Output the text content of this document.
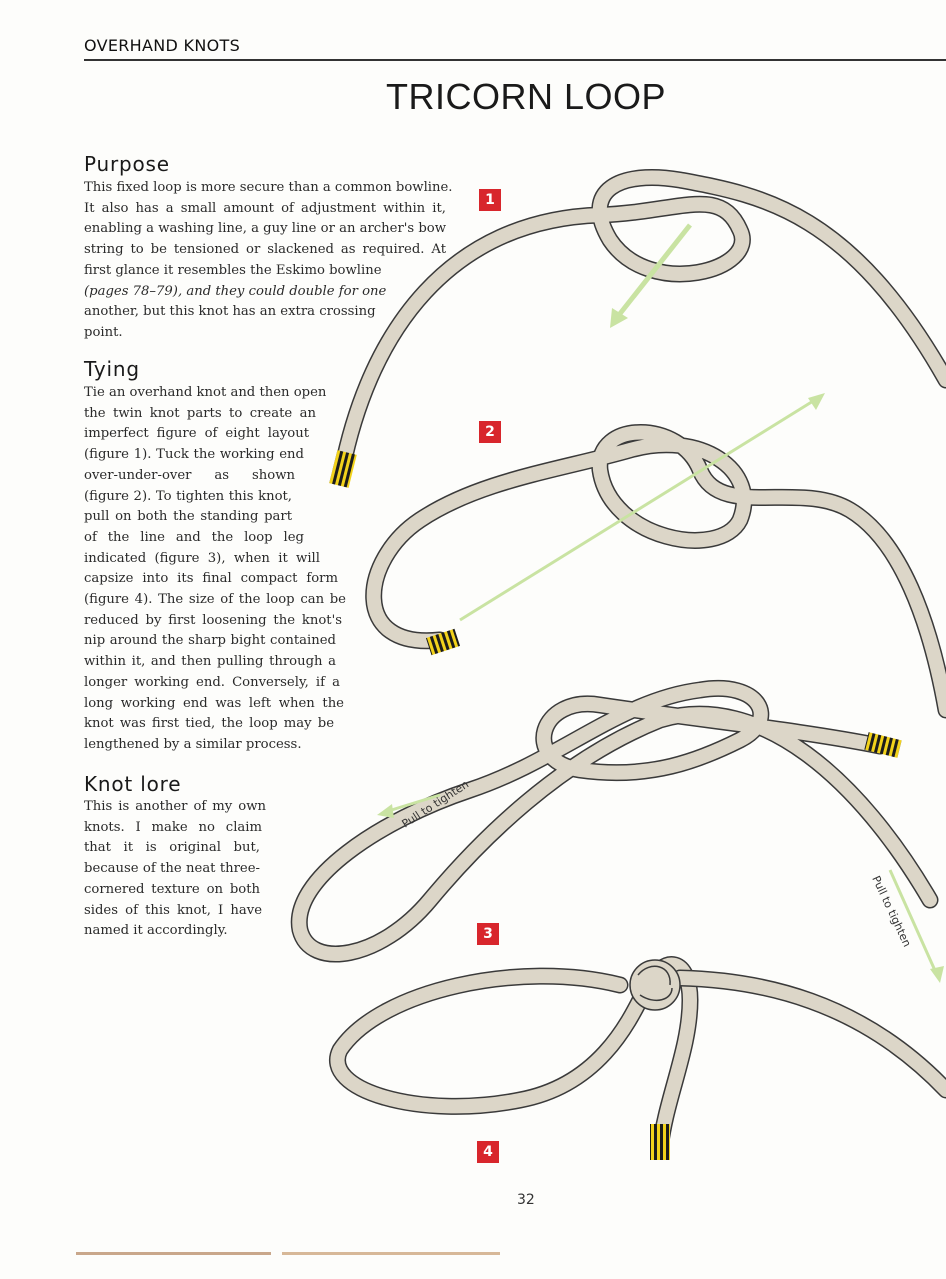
OVERHAND KNOTS
TRICORN LOOP
Purpose
This fixed loop is more secure than a common bowline.
It also has a small amount of adjustment within it,
enabling a washing line, a guy line or an archer's bow
string to be tensioned or slackened as required. At
first glance it resembles the Eskimo bowline
(pages 78–79), and they could double for one
another, but this knot has an extra crossing
point.
Tying
Tie an overhand knot and then open
the twin knot parts to create an
imperfect figure of eight layout
(figure 1). Tuck the working end
over-under-over as shown
(figure 2). To tighten this knot,
pull on both the standing part
of the line and the loop leg
indicated (figure 3), when it will
capsize into its final compact form
(figure 4). The size of the loop can be
reduced by first loosening the knot's
nip around the sharp bight contained
within it, and then pulling through a
longer working end. Conversely, if a
long working end was left when the
knot was first tied, the loop may be
lengthened by a similar process.
Knot lore
This is another of my own
knots. I make no claim
that it is original but,
because of the neat three-
cornered texture on both
sides of this knot, I have
named it accordingly.
Pull to tighten
Pull to tighten
1
2
3
4
32
